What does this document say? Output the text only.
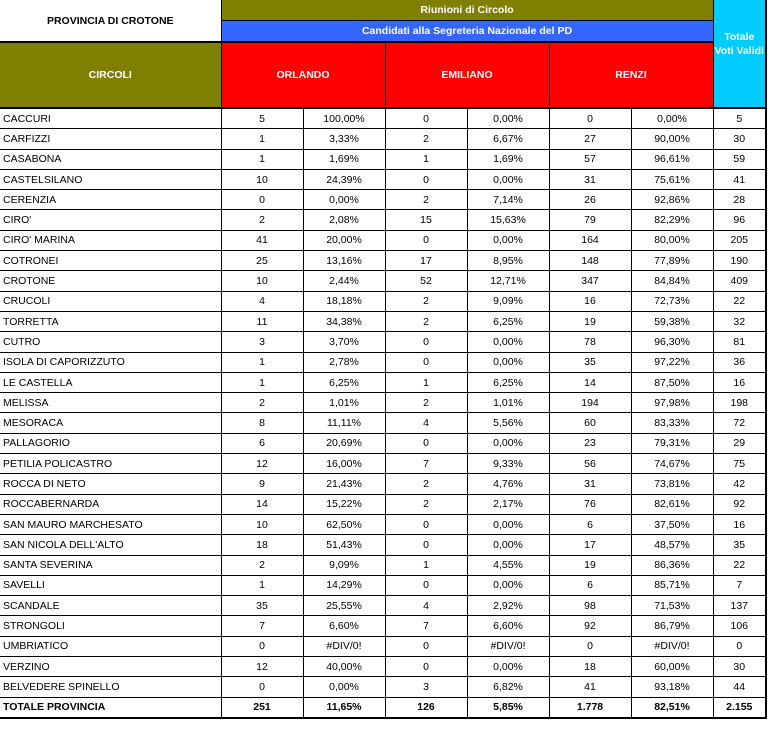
PROVINCIA DI CROTONE	Riunioni di Circolo						Totale Voti Validi
	Candidati alla Segreteria Nazionale del PD						
CIRCOLI	ORLANDO		EMILIANO		RENZI		
CACCURI	5	100,00%	0	0,00%	0	0,00%	5
CARFIZZI	1	3,33%	2	6,67%	27	90,00%	30
CASABONA	1	1,69%	1	1,69%	57	96,61%	59
CASTELSILANO	10	24,39%	0	0,00%	31	75,61%	41
CERENZIA	0	0,00%	2	7,14%	26	92,86%	28
CIRO'	2	2,08%	15	15,63%	79	82,29%	96
CIRO' MARINA	41	20,00%	0	0,00%	164	80,00%	205
COTRONEI	25	13,16%	17	8,95%	148	77,89%	190
CROTONE	10	2,44%	52	12,71%	347	84,84%	409
CRUCOLI	4	18,18%	2	9,09%	16	72,73%	22
TORRETTA	11	34,38%	2	6,25%	19	59,38%	32
CUTRO	3	3,70%	0	0,00%	78	96,30%	81
ISOLA DI CAPORIZZUTO	1	2,78%	0	0,00%	35	97,22%	36
LE CASTELLA	1	6,25%	1	6,25%	14	87,50%	16
MELISSA	2	1,01%	2	1,01%	194	97,98%	198
MESORACA	8	11,11%	4	5,56%	60	83,33%	72
PALLAGORIO	6	20,69%	0	0,00%	23	79,31%	29
PETILIA POLICASTRO	12	16,00%	7	9,33%	56	74,67%	75
ROCCA DI NETO	9	21,43%	2	4,76%	31	73,81%	42
ROCCABERNARDA	14	15,22%	2	2,17%	76	82,61%	92
SAN MAURO MARCHESATO	10	62,50%	0	0,00%	6	37,50%	16
SAN NICOLA DELL'ALTO	18	51,43%	0	0,00%	17	48,57%	35
SANTA SEVERINA	2	9,09%	1	4,55%	19	86,36%	22
SAVELLI	1	14,29%	0	0,00%	6	85,71%	7
SCANDALE	35	25,55%	4	2,92%	98	71,53%	137
STRONGOLI	7	6,60%	7	6,60%	92	86,79%	106
UMBRIATICO	0	#DIV/0!	0	#DIV/0!	0	#DIV/0!	0
VERZINO	12	40,00%	0	0,00%	18	60,00%	30
BELVEDERE SPINELLO	0	0,00%	3	6,82%	41	93,18%	44
TOTALE PROVINCIA	251	11,65%	126	5,85%	1.778	82,51%	2.155
